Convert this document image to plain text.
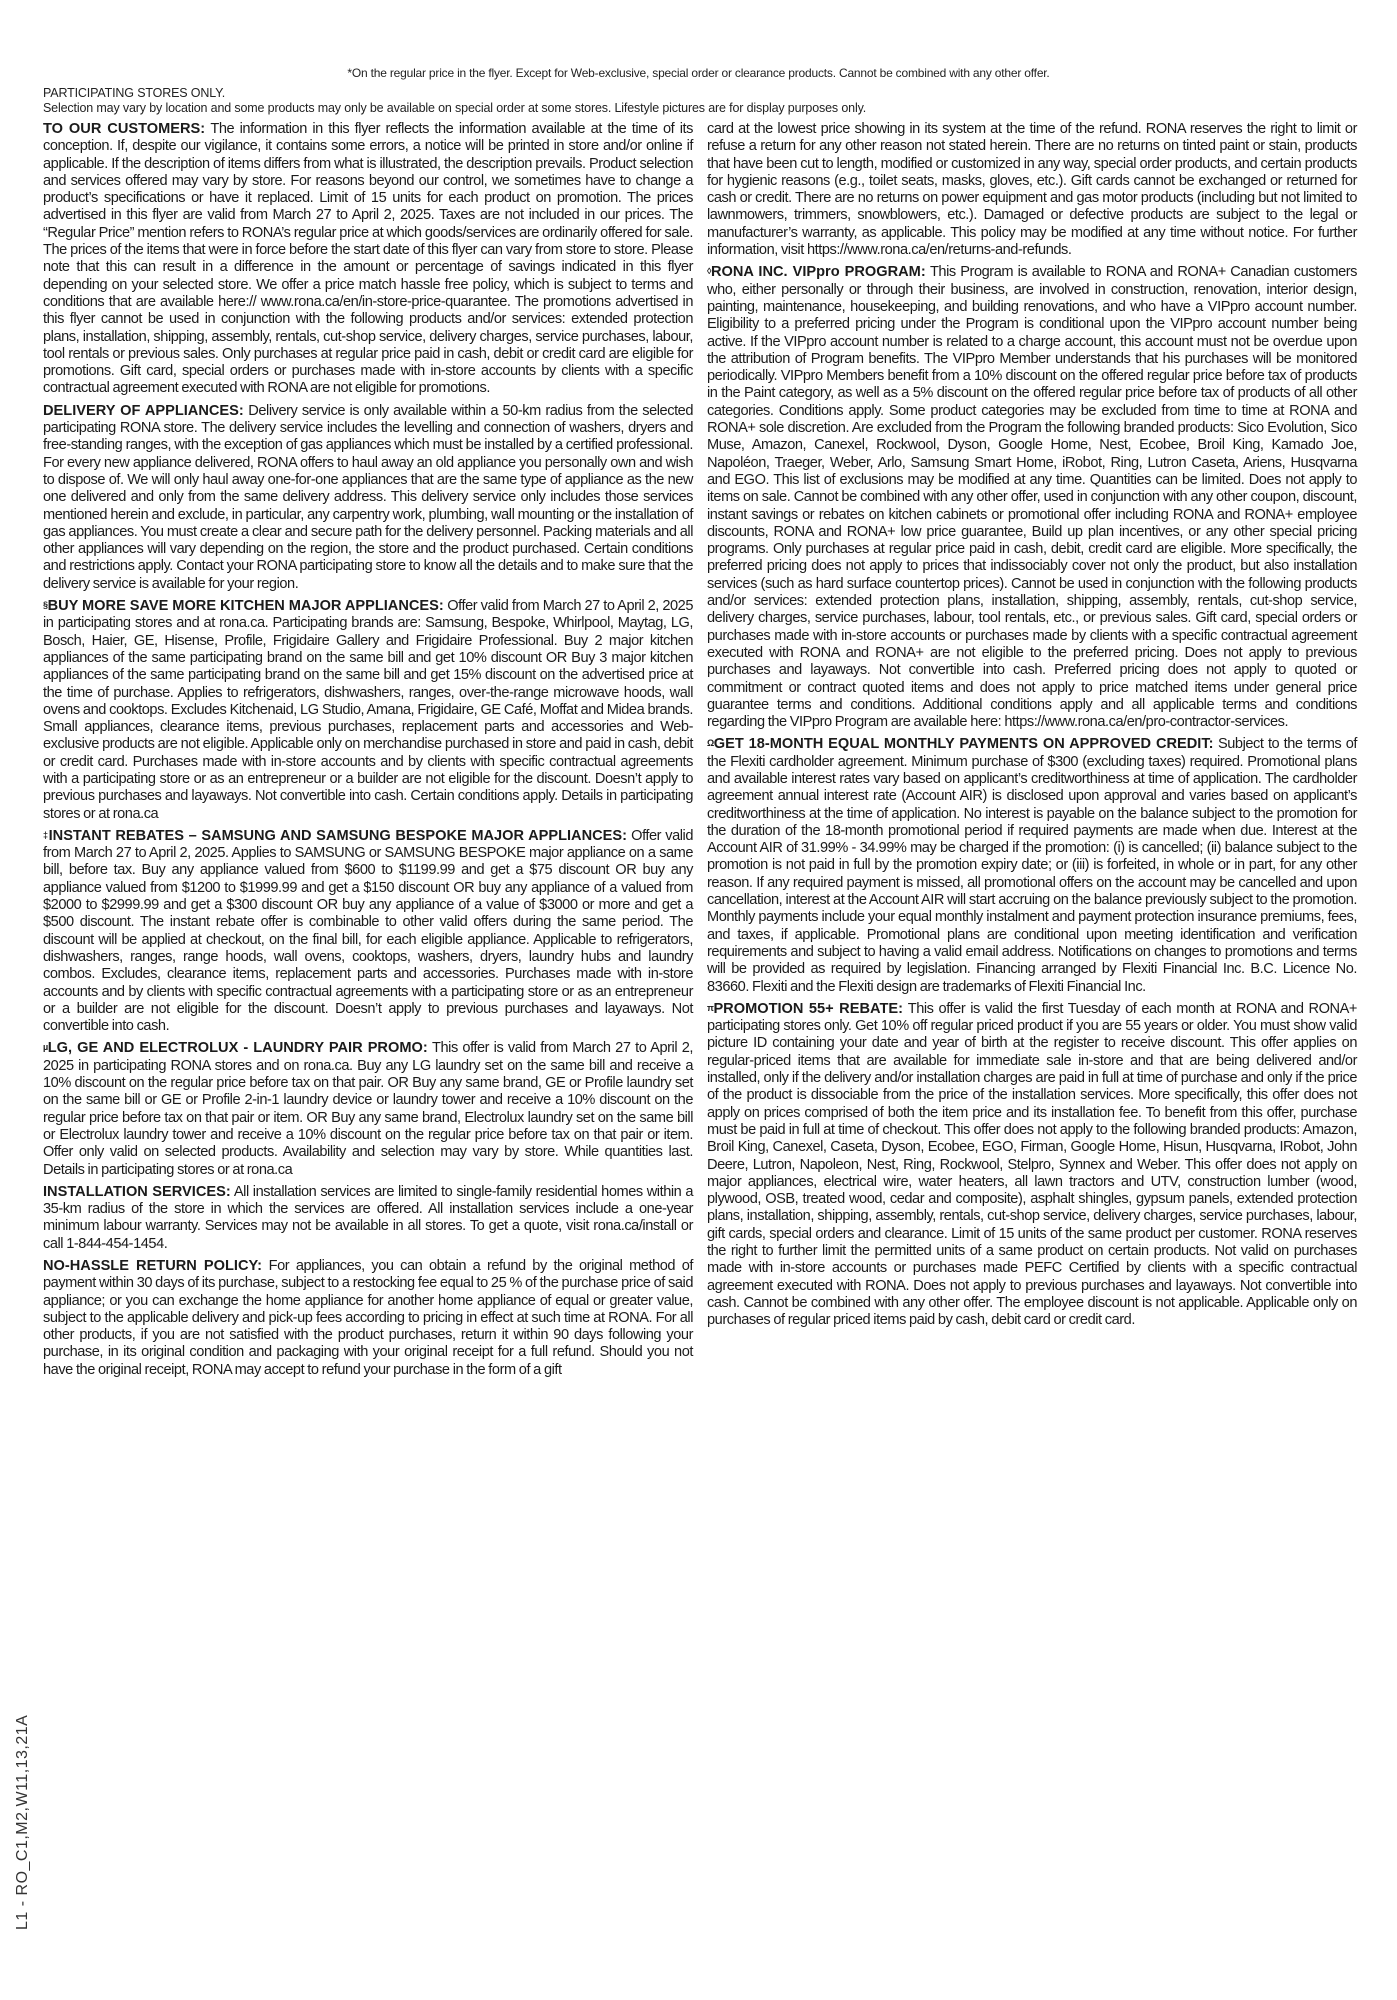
*On the regular price in the flyer. Except for Web-exclusive, special order or clearance products. Cannot be combined with any other offer.
PARTICIPATING STORES ONLY.
Selection may vary by location and some products may only be available on special order at some stores. Lifestyle pictures are for display purposes only.
L1 - RO_C1,M2,W11,13,21A

TO OUR CUSTOMERS: The information in this flyer reflects the information available at the time of its conception. If, despite our vigilance, it contains some errors, a notice will be printed in store and/or online if applicable. If the description of items differs from what is illustrated, the description prevails. Product selection and services offered may vary by store. For reasons beyond our control, we sometimes have to change a product’s specifications or have it replaced. Limit of 15 units for each product on promotion. The prices advertised in this flyer are valid from March 27 to April 2, 2025. Taxes are not included in our prices. The “Regular Price” mention refers to RONA’s regular price at which goods/services are ordinarily offered for sale. The prices of the items that were in force before the start date of this flyer can vary from store to store. Please note that this can result in a difference in the amount or percentage of savings indicated in this flyer depending on your selected store. We offer a price match hassle free policy, which is subject to terms and conditions that are available here:// www.rona.ca/en/in-store-price-quarantee. The promotions advertised in this flyer cannot be used in conjunction with the following products and/or services: extended protection plans, installation, shipping, assembly, rentals, cut-shop service, delivery charges, service purchases, labour, tool rentals or previous sales. Only purchases at regular price paid in cash, debit or credit card are eligible for promotions. Gift card, special orders or purchases made with in-store accounts by clients with a specific contractual agreement executed with RONA are not eligible for promotions.

DELIVERY OF APPLIANCES: Delivery service is only available within a 50-km radius from the selected participating RONA store. The delivery service includes the levelling and connection of washers, dryers and free-standing ranges, with the exception of gas appliances which must be installed by a certified professional. For every new appliance delivered, RONA offers to haul away an old appliance you personally own and wish to dispose of. We will only haul away one-for-one appliances that are the same type of appliance as the new one delivered and only from the same delivery address. This delivery service only includes those services mentioned herein and exclude, in particular, any carpentry work, plumbing, wall mounting or the installation of gas appliances. You must create a clear and secure path for the delivery personnel. Packing materials and all other appliances will vary depending on the region, the store and the product purchased. Certain conditions and restrictions apply. Contact your RONA participating store to know all the details and to make sure that the delivery service is available for your region.

§BUY MORE SAVE MORE KITCHEN MAJOR APPLIANCES: Offer valid from March 27 to April 2, 2025 in participating stores and at rona.ca. Participating brands are: Samsung, Bespoke, Whirlpool, Maytag, LG, Bosch, Haier, GE, Hisense, Profile, Frigidaire Gallery and Frigidaire Professional. Buy 2 major kitchen appliances of the same participating brand on the same bill and get 10% discount OR Buy 3 major kitchen appliances of the same participating brand on the same bill and get 15% discount on the advertised price at the time of purchase. Applies to refrigerators, dishwashers, ranges, over-the-range microwave hoods, wall ovens and cooktops. Excludes Kitchenaid, LG Studio, Amana, Frigidaire, GE Café, Moffat and Midea brands. Small appliances, clearance items, previous purchases, replacement parts and accessories and Web-exclusive products are not eligible. Applicable only on merchandise purchased in store and paid in cash, debit or credit card. Purchases made with in-store accounts and by clients with specific contractual agreements with a participating store or as an entrepreneur or a builder are not eligible for the discount. Doesn’t apply to previous purchases and layaways. Not convertible into cash. Certain conditions apply. Details in participating stores or at rona.ca

‡INSTANT REBATES – SAMSUNG AND SAMSUNG BESPOKE MAJOR APPLIANCES: Offer valid from March 27 to April 2, 2025. Applies to SAMSUNG or SAMSUNG BESPOKE major appliance on a same bill, before tax. Buy any appliance valued from $600 to $1199.99 and get a $75 discount OR buy any appliance valued from $1200 to $1999.99 and get a $150 discount OR buy any appliance of a valued from $2000 to $2999.99 and get a $300 discount OR buy any appliance of a value of $3000 or more and get a $500 discount. The instant rebate offer is combinable to other valid offers during the same period. The discount will be applied at checkout, on the final bill, for each eligible appliance. Applicable to refrigerators, dishwashers, ranges, range hoods, wall ovens, cooktops, washers, dryers, laundry hubs and laundry combos. Excludes, clearance items, replacement parts and accessories. Purchases made with in-store accounts and by clients with specific contractual agreements with a participating store or as an entrepreneur or a builder are not eligible for the discount. Doesn’t apply to previous purchases and layaways. Not convertible into cash.

$^\mu$LG, GE AND ELECTROLUX - LAUNDRY PAIR PROMO: This offer is valid from March 27 to April 2, 2025 in participating RONA stores and on rona.ca. Buy any LG laundry set on the same bill and receive a 10% discount on the regular price before tax on that pair. OR Buy any same brand, GE or Profile laundry set on the same bill or GE or Profile 2-in-1 laundry device or laundry tower and receive a 10% discount on the regular price before tax on that pair or item. OR Buy any same brand, Electrolux laundry set on the same bill or Electrolux laundry tower and receive a 10% discount on the regular price before tax on that pair or item. Offer only valid on selected products. Availability and selection may vary by store. While quantities last. Details in participating stores or at rona.ca

INSTALLATION SERVICES: All installation services are limited to single-family residential homes within a 35-km radius of the store in which the services are offered. All installation services include a one-year minimum labour warranty. Services may not be available in all stores. To get a quote, visit rona.ca/install or call 1-844-454-1454.

NO-HASSLE RETURN POLICY: For appliances, you can obtain a refund by the original method of payment within 30 days of its purchase, subject to a restocking fee equal to 25 % of the purchase price of said appliance; or you can exchange the home appliance for another home appliance of equal or greater value, subject to the applicable delivery and pick-up fees according to pricing in effect at such time at RONA. For all other products, if you are not satisfied with the product purchases, return it within 90 days following your purchase, in its original condition and packaging with your original receipt for a full refund. Should you not have the original receipt, RONA may accept to refund your purchase in the form of a gift

card at the lowest price showing in its system at the time of the refund. RONA reserves the right to limit or refuse a return for any other reason not stated herein. There are no returns on tinted paint or stain, products that have been cut to length, modified or customized in any way, special order products, and certain products for hygienic reasons (e.g., toilet seats, masks, gloves, etc.). Gift cards cannot be exchanged or returned for cash or credit. There are no returns on power equipment and gas motor products (including but not limited to lawnmowers, trimmers, snowblowers, etc.). Damaged or defective products are subject to the legal or manufacturer’s warranty, as applicable. This policy may be modified at any time without notice. For further information, visit https://www.rona.ca/en/returns-and-refunds.

◊RONA INC. VIPpro PROGRAM: This Program is available to RONA and RONA+ Canadian customers who, either personally or through their business, are involved in construction, renovation, interior design, painting, maintenance, housekeeping, and building renovations, and who have a VIPpro account number. Eligibility to a preferred pricing under the Program is conditional upon the VIPpro account number being active. If the VIPpro account number is related to a charge account, this account must not be overdue upon the attribution of Program benefits. The VIPpro Member understands that his purchases will be monitored periodically. VIPpro Members benefit from a 10% discount on the offered regular price before tax of products in the Paint category, as well as a 5% discount on the offered regular price before tax of products of all other categories. Conditions apply. Some product categories may be excluded from time to time at RONA and RONA+ sole discretion. Are excluded from the Program the following branded products: Sico Evolution, Sico Muse, Amazon, Canexel, Rockwool, Dyson, Google Home, Nest, Ecobee, Broil King, Kamado Joe, Napoléon, Traeger, Weber, Arlo, Samsung Smart Home, iRobot, Ring, Lutron Caseta, Ariens, Husqvarna and EGO. This list of exclusions may be modified at any time. Quantities can be limited. Does not apply to items on sale. Cannot be combined with any other offer, used in conjunction with any other coupon, discount, instant savings or rebates on kitchen cabinets or promotional offer including RONA and RONA+ employee discounts, RONA and RONA+ low price guarantee, Build up plan incentives, or any other special pricing programs. Only purchases at regular price paid in cash, debit, credit card are eligible. More specifically, the preferred pricing does not apply to prices that indissociably cover not only the product, but also installation services (such as hard surface countertop prices). Cannot be used in conjunction with the following products and/or services: extended protection plans, installation, shipping, assembly, rentals, cut-shop service, delivery charges, service purchases, labour, tool rentals, etc., or previous sales. Gift card, special orders or purchases made with in-store accounts or purchases made by clients with a specific contractual agreement executed with RONA and RONA+ are not eligible to the preferred pricing. Does not apply to previous purchases and layaways. Not convertible into cash. Preferred pricing does not apply to quoted or commitment or contract quoted items and does not apply to price matched items under general price guarantee terms and conditions. Additional conditions apply and all applicable terms and conditions regarding the VIPpro Program are available here: https://www.rona.ca/en/pro-contractor-services.

$^\Omega$GET 18-MONTH EQUAL MONTHLY PAYMENTS ON APPROVED CREDIT: Subject to the terms of the Flexiti cardholder agreement. Minimum purchase of $300 (excluding taxes) required. Promotional plans and available interest rates vary based on applicant’s creditworthiness at time of application. The cardholder agreement annual interest rate (Account AIR) is disclosed upon approval and varies based on applicant’s creditworthiness at the time of application. No interest is payable on the balance subject to the promotion for the duration of the 18-month promotional period if required payments are made when due. Interest at the Account AIR of 31.99% - 34.99% may be charged if the promotion: (i) is cancelled; (ii) balance subject to the promotion is not paid in full by the promotion expiry date; or (iii) is forfeited, in whole or in part, for any other reason. If any required payment is missed, all promotional offers on the account may be cancelled and upon cancellation, interest at the Account AIR will start accruing on the balance previously subject to the promotion. Monthly payments include your equal monthly instalment and payment protection insurance premiums, fees, and taxes, if applicable. Promotional plans are conditional upon meeting identification and verification requirements and subject to having a valid email address. Notifications on changes to promotions and terms will be provided as required by legislation. Financing arranged by Flexiti Financial Inc. B.C. Licence No. 83660. Flexiti and the Flexiti design are trademarks of Flexiti Financial Inc.

$^\pi$PROMOTION 55+ REBATE: This offer is valid the first Tuesday of each month at RONA and RONA+ participating stores only. Get 10% off regular priced product if you are 55 years or older. You must show valid picture ID containing your date and year of birth at the register to receive discount. This offer applies on regular-priced items that are available for immediate sale in-store and that are being delivered and/or installed, only if the delivery and/or installation charges are paid in full at time of purchase and only if the price of the product is dissociable from the price of the installation services. More specifically, this offer does not apply on prices comprised of both the item price and its installation fee. To benefit from this offer, purchase must be paid in full at time of checkout. This offer does not apply to the following branded products: Amazon, Broil King, Canexel, Caseta, Dyson, Ecobee, EGO, Firman, Google Home, Hisun, Husqvarna, IRobot, John Deere, Lutron, Napoleon, Nest, Ring, Rockwool, Stelpro, Synnex and Weber. This offer does not apply on major appliances, electrical wire, water heaters, all lawn tractors and UTV, construction lumber (wood, plywood, OSB, treated wood, cedar and composite), asphalt shingles, gypsum panels, extended protection plans, installation, shipping, assembly, rentals, cut-shop service, delivery charges, service purchases, labour, gift cards, special orders and clearance. Limit of 15 units of the same product per customer. RONA reserves the right to further limit the permitted units of a same product on certain products. Not valid on purchases made with in-store accounts or purchases made PEFC Certified by clients with a specific contractual agreement executed with RONA. Does not apply to previous purchases and layaways. Not convertible into cash. Cannot be combined with any other offer. The employee discount is not applicable. Applicable only on purchases of regular priced items paid by cash, debit card or credit card.
